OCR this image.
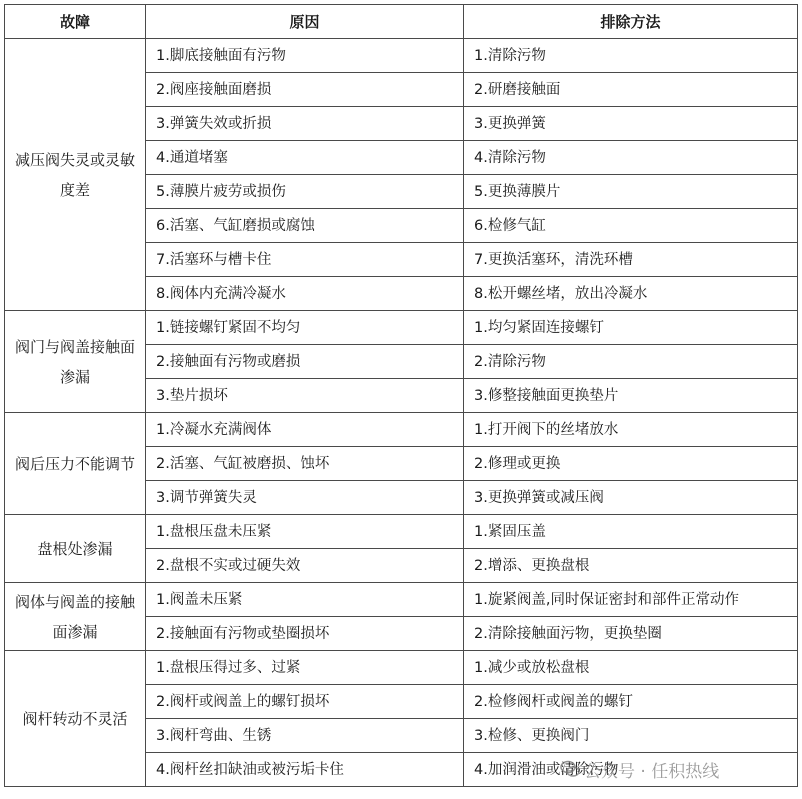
故障	原因	排除方法
减压阀失灵或灵敏度差	1.脚底接触面有污物	1.清除污物
	2.阀座接触面磨损	2.研磨接触面
	3.弹簧失效或折损	3.更换弹簧
	4.通道堵塞	4.清除污物
	5.薄膜片疲劳或损伤	5.更换薄膜片
	6.活塞、气缸磨损或腐蚀	6.检修气缸
	7.活塞环与槽卡住	7.更换活塞环，清洗环槽
	8.阀体内充满冷凝水	8.松开螺丝堵，放出冷凝水
阀门与阀盖接触面渗漏	1.链接螺钉紧固不均匀	1.均匀紧固连接螺钉
	2.接触面有污物或磨损	2.清除污物
	3.垫片损坏	3.修整接触面更换垫片
阀后压力不能调节	1.冷凝水充满阀体	1.打开阀下的丝堵放水
	2.活塞、气缸被磨损、蚀坏	2.修理或更换
	3.调节弹簧失灵	3.更换弹簧或减压阀
盘根处渗漏	1.盘根压盘未压紧	1.紧固压盖
	2.盘根不实或过硬失效	2.增添、更换盘根
阀体与阀盖的接触面渗漏	1.阀盖未压紧	1.旋紧阀盖,同时保证密封和部件正常动作
	2.接触面有污物或垫圈损坏	2.清除接触面污物，更换垫圈
阀杆转动不灵活	1.盘根压得过多、过紧	1.减少或放松盘根
	2.阀杆或阀盖上的螺钉损坏	2.检修阀杆或阀盖的螺钉
	3.阀杆弯曲、生锈	3.检修、更换阀门
	4.阀杆丝扣缺油或被污垢卡住	4.加润滑油或清除污物
公众号 · 任积热线
